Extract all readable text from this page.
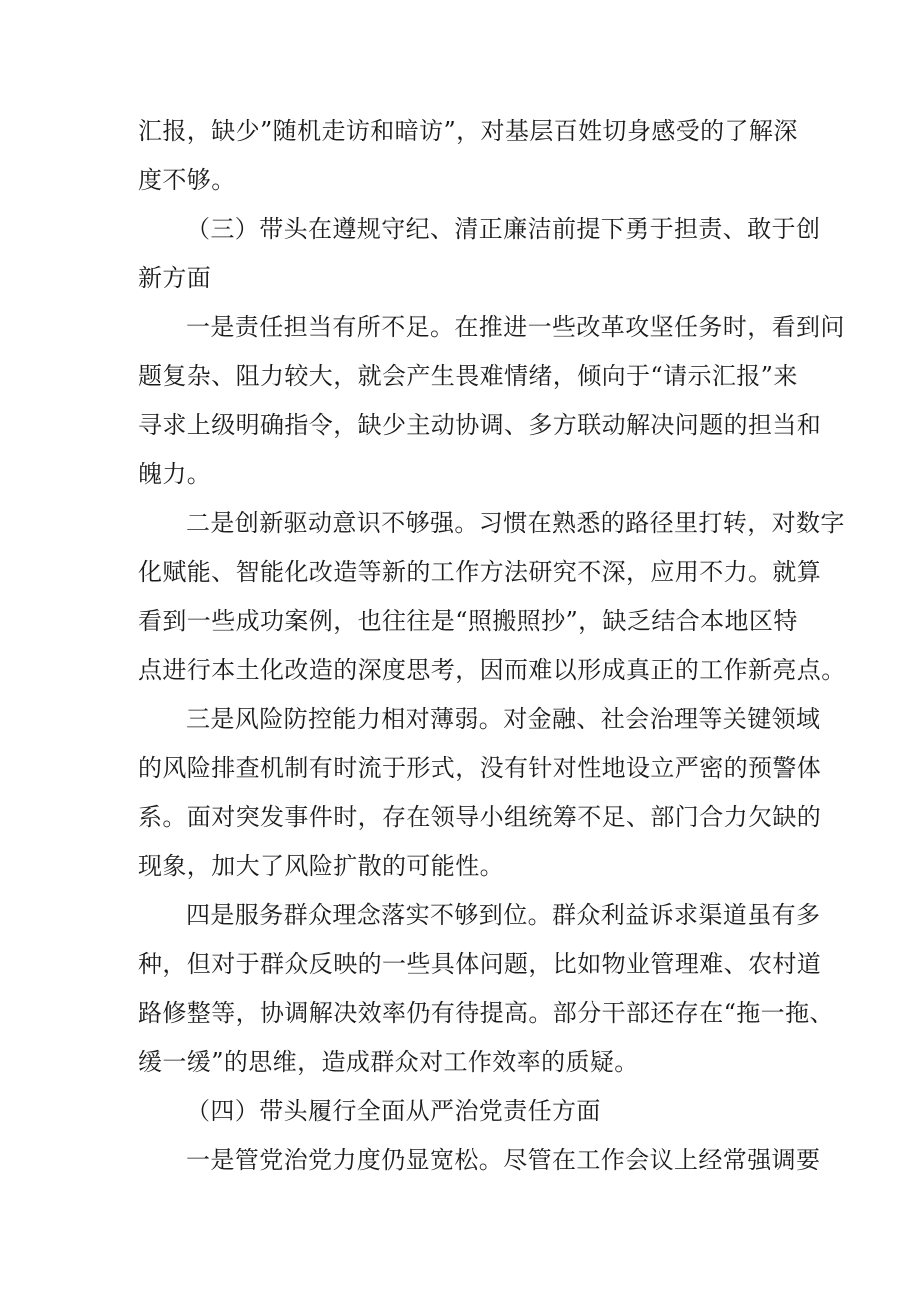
汇报，缺少”随机走访和暗访”，对基层百姓切身感受的了解深
度不够。
（三）带头在遵规守纪、清正廉洁前提下勇于担责、敢于创
新方面
一是责任担当有所不足。在推进一些改革攻坚任务时，看到问
题复杂、阻力较大，就会产生畏难情绪，倾向于“请示汇报”来
寻求上级明确指令，缺少主动协调、多方联动解决问题的担当和
魄力。
二是创新驱动意识不够强。习惯在熟悉的路径里打转，对数字
化赋能、智能化改造等新的工作方法研究不深，应用不力。就算
看到一些成功案例，也往往是“照搬照抄”，缺乏结合本地区特
点进行本土化改造的深度思考，因而难以形成真正的工作新亮点。
三是风险防控能力相对薄弱。对金融、社会治理等关键领域
的风险排查机制有时流于形式，没有针对性地设立严密的预警体
系。面对突发事件时，存在领导小组统筹不足、部门合力欠缺的
现象，加大了风险扩散的可能性。
四是服务群众理念落实不够到位。群众利益诉求渠道虽有多
种，但对于群众反映的一些具体问题，比如物业管理难、农村道
路修整等，协调解决效率仍有待提高。部分干部还存在“拖一拖、
缓一缓”的思维，造成群众对工作效率的质疑。
（四）带头履行全面从严治党责任方面
一是管党治党力度仍显宽松。尽管在工作会议上经常强调要
